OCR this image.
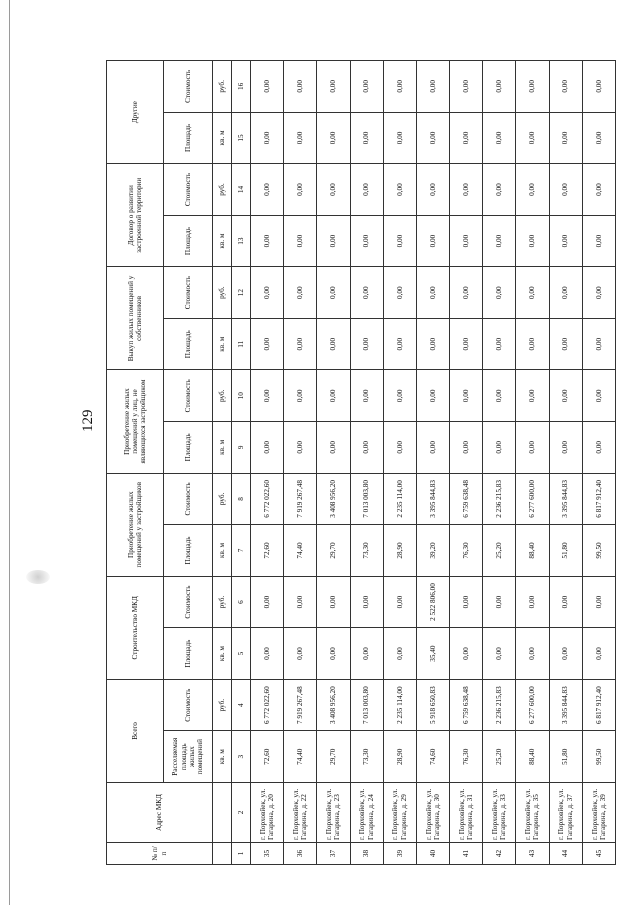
129
№ п/п	Адрес МКД	Всего		Строительство МКД		Приобретение жилых помещений у застройщиков		Приобретение жилых помещений у лиц, не являющихся застройщиком		Выкуп жилых помещений у собственников		Договор о развитии застроенной территории		Другие	
		Расселяемая площадь жилых помещений	Стоимость	Площадь	Стоимость	Площадь	Стоимость	Площадь	Стоимость	Площадь	Стоимость	Площадь	Стоимость	Площадь	Стоимость
		кв. м	руб.	кв. м	руб.	кв. м	руб.	кв. м	руб.	кв. м	руб.	кв. м	руб.	кв. м	руб.
1	2	3	4	5	6	7	8	9	10	11	12	13	14	15	16
35	г. Порховйек, ул. Гагарина, д. 20	72,60	6 772 022,60	0,00	0,00	72,60	6 772 022,60	0,00	0,00	0,00	0,00	0,00	0,00	0,00	0,00
36	г. Порховйек, ул. Гагарина, д. 22	74,40	7 919 267,48	0,00	0,00	74,40	7 919 267,48	0,00	0,00	0,00	0,00	0,00	0,00	0,00	0,00
37	г. Порховйек, ул. Гагарина, д. 23	29,70	3 408 956,20	0,00	0,00	29,70	3 408 956,20	0,00	0,00	0,00	0,00	0,00	0,00	0,00	0,00
38	г. Порховйек, ул. Гагарина, д. 24	73,30	7 013 003,80	0,00	0,00	73,30	7 013 003,80	0,00	0,00	0,00	0,00	0,00	0,00	0,00	0,00
39	г. Порховйек, ул. Гагарина, д. 29	28,90	2 235 114,00	0,00	0,00	28,90	2 235 114,00	0,00	0,00	0,00	0,00	0,00	0,00	0,00	0,00
40	г. Порховйек, ул. Гагарина, д. 30	74,60	5 918 650,83	35,40	2 522 806,00	39,20	3 395 844,83	0,00	0,00	0,00	0,00	0,00	0,00	0,00	0,00
41	г. Порховйек, ул. Гагарина, д. 31	76,30	6 759 638,48	0,00	0,00	76,30	6 759 638,48	0,00	0,00	0,00	0,00	0,00	0,00	0,00	0,00
42	г. Порховйек, ул. Гагарина, д. 33	25,20	2 236 215,83	0,00	0,00	25,20	2 236 215,83	0,00	0,00	0,00	0,00	0,00	0,00	0,00	0,00
43	г. Порховйек, ул. Гагарина, д. 35	88,40	6 277 600,00	0,00	0,00	88,40	6 277 600,00	0,00	0,00	0,00	0,00	0,00	0,00	0,00	0,00
44	г. Порховйек, ул. Гагарина, д. 37	51,80	3 395 844,83	0,00	0,00	51,80	3 395 844,83	0,00	0,00	0,00	0,00	0,00	0,00	0,00	0,00
45	г. Порховйек, ул. Гагарина, д. 39	99,50	6 817 912,40	0,00	0,00	99,50	6 817 912,40	0,00	0,00	0,00	0,00	0,00	0,00	0,00	0,00
